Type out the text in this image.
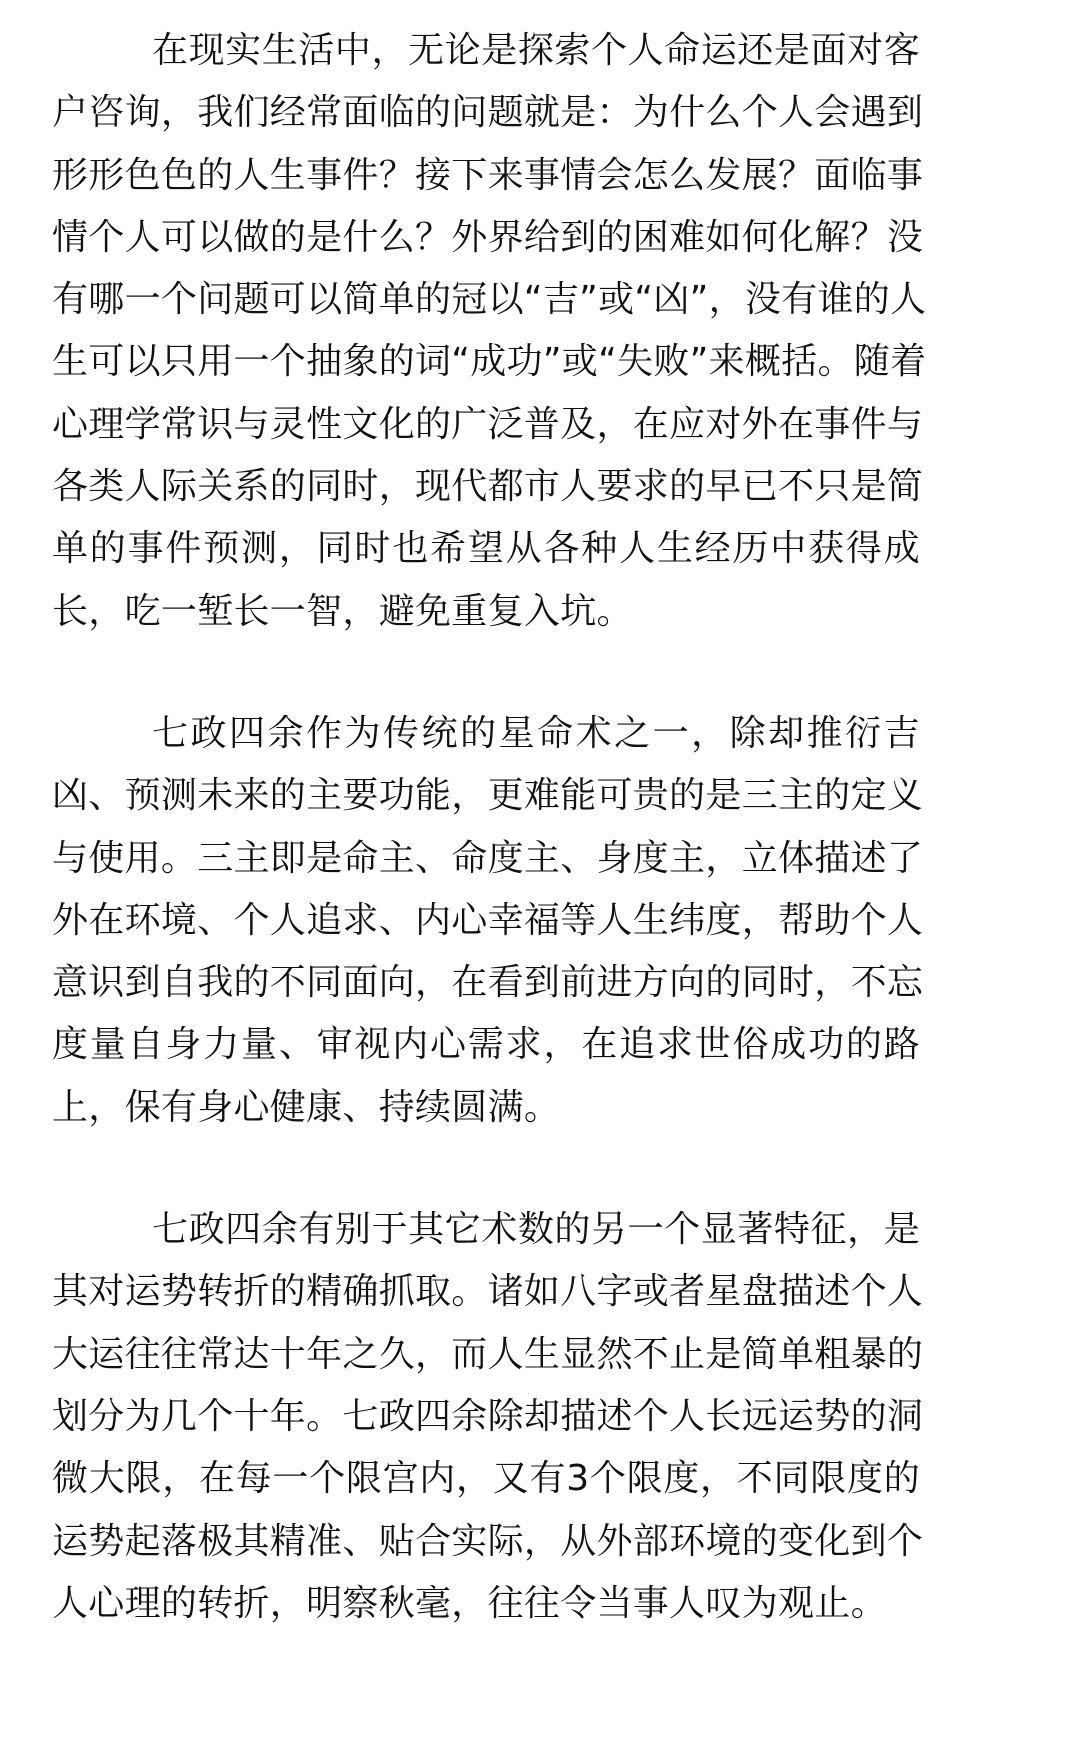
在现实生活中，无论是探索个人命运还是面对客
户咨询，我们经常面临的问题就是：为什么个人会遇到
形形色色的人生事件？接下来事情会怎么发展？面临事
情个人可以做的是什么？外界给到的困难如何化解？没
有哪一个问题可以简单的冠以“吉”或“凶”，没有谁的人
生可以只用一个抽象的词“成功”或“失败”来概括。随着
心理学常识与灵性文化的广泛普及，在应对外在事件与
各类人际关系的同时，现代都市人要求的早已不只是简
单的事件预测，同时也希望从各种人生经历中获得成
长，吃一堑长一智，避免重复入坑。
七政四余作为传统的星命术之一，除却推衍吉
凶、预测未来的主要功能，更难能可贵的是三主的定义
与使用。三主即是命主、命度主、身度主，立体描述了
外在环境、个人追求、内心幸福等人生纬度，帮助个人
意识到自我的不同面向，在看到前进方向的同时，不忘
度量自身力量、审视内心需求，在追求世俗成功的路
上，保有身心健康、持续圆满。
七政四余有别于其它术数的另一个显著特征，是
其对运势转折的精确抓取。诸如八字或者星盘描述个人
大运往往常达十年之久，而人生显然不止是简单粗暴的
划分为几个十年。七政四余除却描述个人长远运势的洞
微大限，在每一个限宫内，又有3个限度，不同限度的
运势起落极其精准、贴合实际，从外部环境的变化到个
人心理的转折，明察秋毫，往往令当事人叹为观止。
